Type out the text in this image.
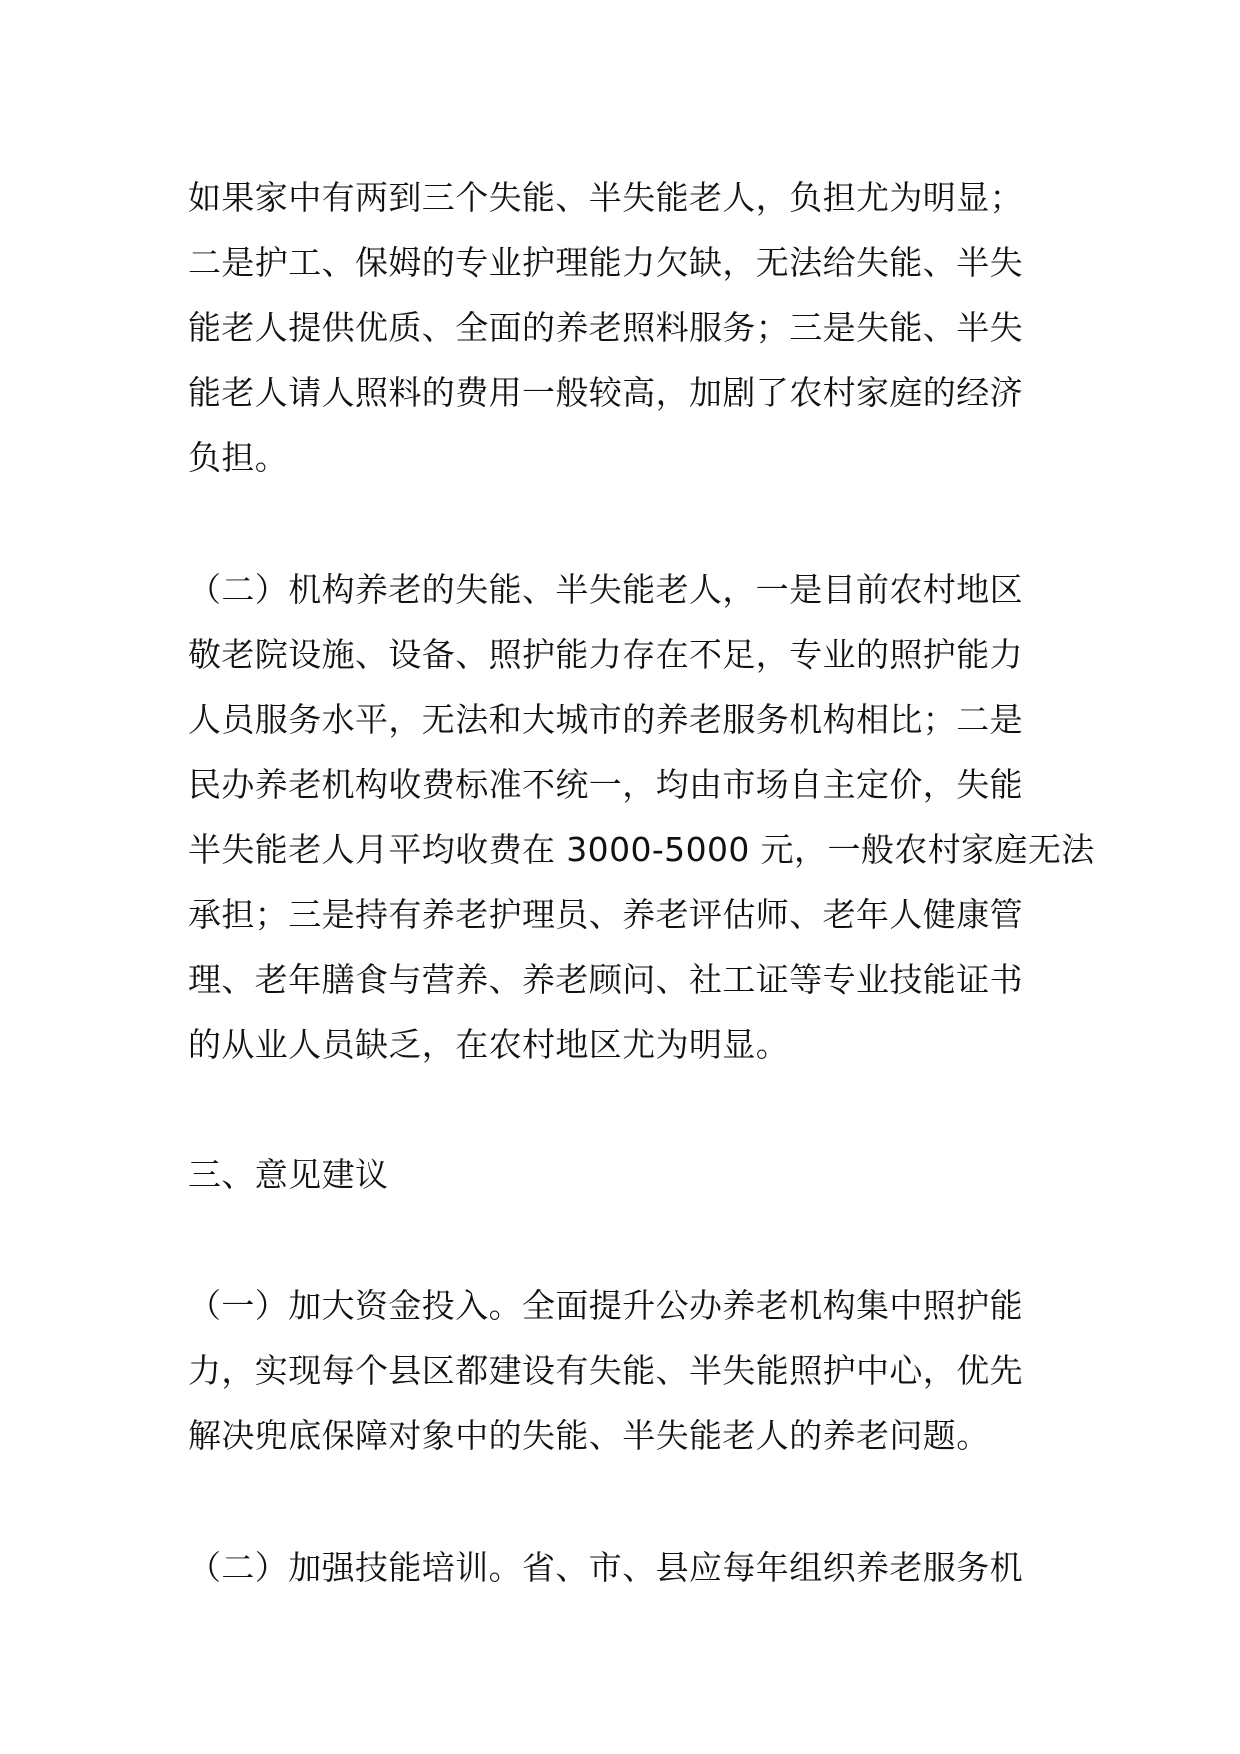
如果家中有两到三个失能、半失能老人，负担尤为明显；
二是护工、保姆的专业护理能力欠缺，无法给失能、半失
能老人提供优质、全面的养老照料服务；三是失能、半失
能老人请人照料的费用一般较高，加剧了农村家庭的经济
负担。
（二）机构养老的失能、半失能老人，一是目前农村地区
敬老院设施、设备、照护能力存在不足，专业的照护能力
人员服务水平，无法和大城市的养老服务机构相比；二是
民办养老机构收费标准不统一，均由市场自主定价，失能
半失能老人月平均收费在 3000-5000 元，一般农村家庭无法
承担；三是持有养老护理员、养老评估师、老年人健康管
理、老年膳食与营养、养老顾问、社工证等专业技能证书
的从业人员缺乏，在农村地区尤为明显。
三、意见建议
（一）加大资金投入。全面提升公办养老机构集中照护能
力，实现每个县区都建设有失能、半失能照护中心，优先
解决兜底保障对象中的失能、半失能老人的养老问题。
（二）加强技能培训。省、市、县应每年组织养老服务机
